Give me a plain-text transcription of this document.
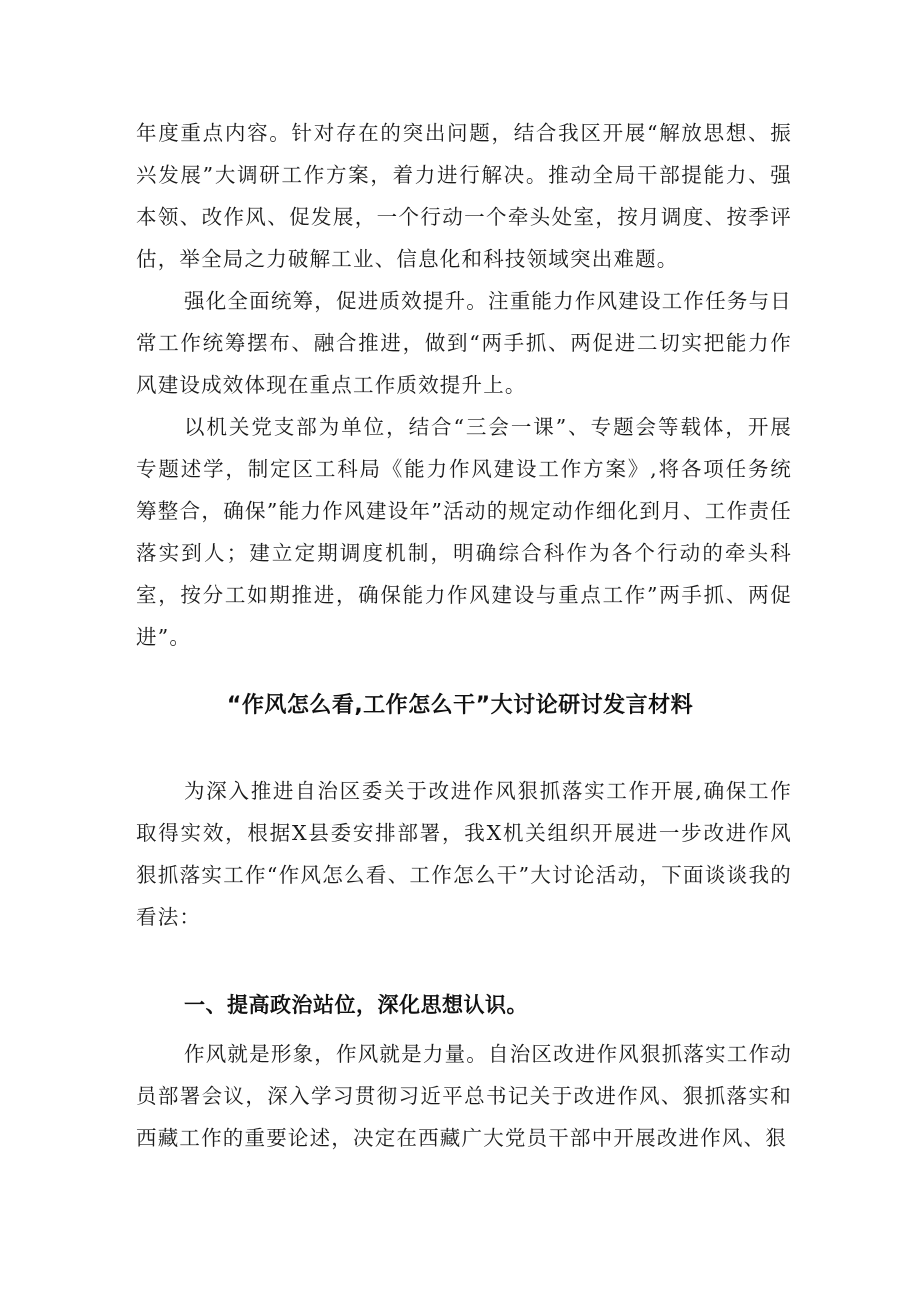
年度重点内容。针对存在的突出问题，结合我区开展“解放思想、振兴发展”大调研工作方案，着力进行解决。推动全局干部提能力、强本领、改作风、促发展，一个行动一个牵头处室，按月调度、按季评估，举全局之力破解工业、信息化和科技领域突出难题。

强化全面统筹，促进质效提升。注重能力作风建设工作任务与日常工作统筹摆布、融合推进，做到“两手抓、两促进二切实把能力作风建设成效体现在重点工作质效提升上。

以机关党支部为单位，结合“三会一课”、专题会等载体，开展专题述学，制定区工科局《能力作风建设工作方案》,将各项任务统筹整合，确保”能力作风建设年”活动的规定动作细化到月、工作责任落实到人；建立定期调度机制，明确综合科作为各个行动的牵头科室，按分工如期推进，确保能力作风建设与重点工作”两手抓、两促进”。

“作风怎么看,工作怎么干”大讨论研讨发言材料

为深入推进自治区委关于改进作风狠抓落实工作开展,确保工作取得实效，根据X县委安排部署，我X机关组织开展进一步改进作风狠抓落实工作“作风怎么看、工作怎么干”大讨论活动，下面谈谈我的看法：

一、提高政治站位，深化思想认识。

作风就是形象，作风就是力量。自治区改进作风狠抓落实工作动员部署会议，深入学习贯彻习近平总书记关于改进作风、狠抓落实和西藏工作的重要论述，决定在西藏广大党员干部中开展改进作风、狠
